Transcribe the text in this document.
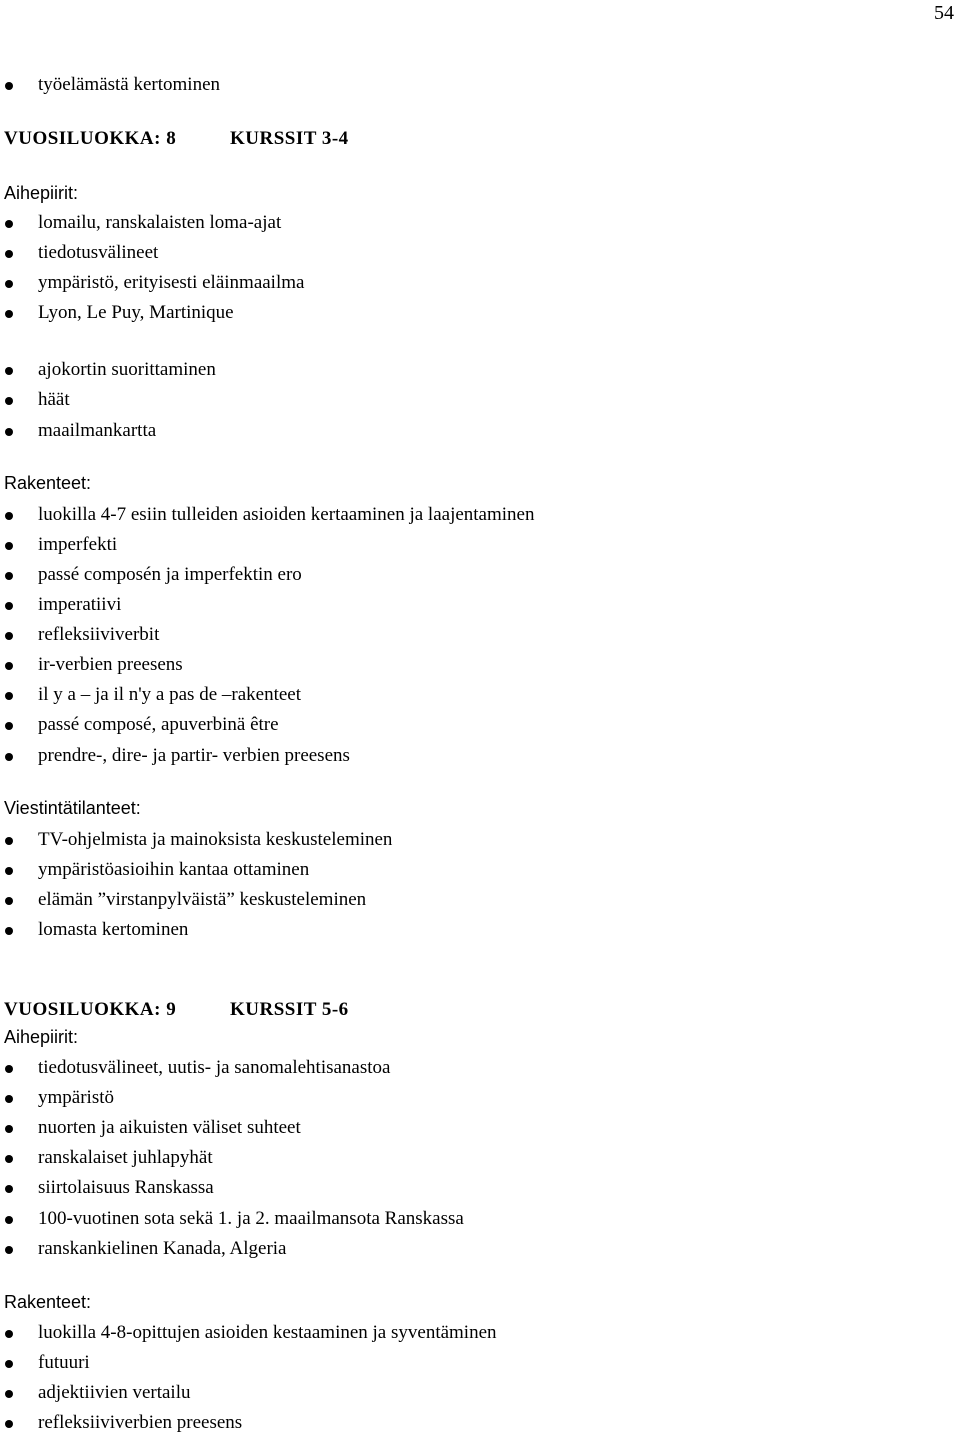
54
työelämästä kertominen
VUOSILUOKKA: 8	KURSSIT 3-4
Aihepiirit:
lomailu, ranskalaisten loma-ajat
tiedotusvälineet
ympäristö, erityisesti eläinmaailma
Lyon, Le Puy, Martinique
ajokortin suorittaminen
häät
maailmankartta
Rakenteet:
luokilla 4-7 esiin tulleiden asioiden kertaaminen ja laajentaminen
imperfekti
passé composén ja imperfektin ero
imperatiivi
refleksiiviverbit
ir-verbien preesens
il y a – ja il n'y a pas de –rakenteet
passé composé, apuverbinä être
prendre-, dire- ja partir- verbien preesens
Viestintätilanteet:
TV-ohjelmista ja mainoksista keskusteleminen
ympäristöasioihin kantaa ottaminen
elämän ”virstanpylväistä” keskusteleminen
lomasta kertominen
VUOSILUOKKA: 9	KURSSIT 5-6
Aihepiirit:
tiedotusvälineet, uutis- ja sanomalehtisanastoa
ympäristö
nuorten ja aikuisten väliset suhteet
ranskalaiset juhlapyhät
siirtolaisuus Ranskassa
100-vuotinen sota sekä 1. ja 2. maailmansota Ranskassa
ranskankielinen Kanada, Algeria
Rakenteet:
luokilla 4-8-opittujen asioiden kestaaminen ja syventäminen
futuuri
adjektiivien vertailu
refleksiiviverbien preesens
